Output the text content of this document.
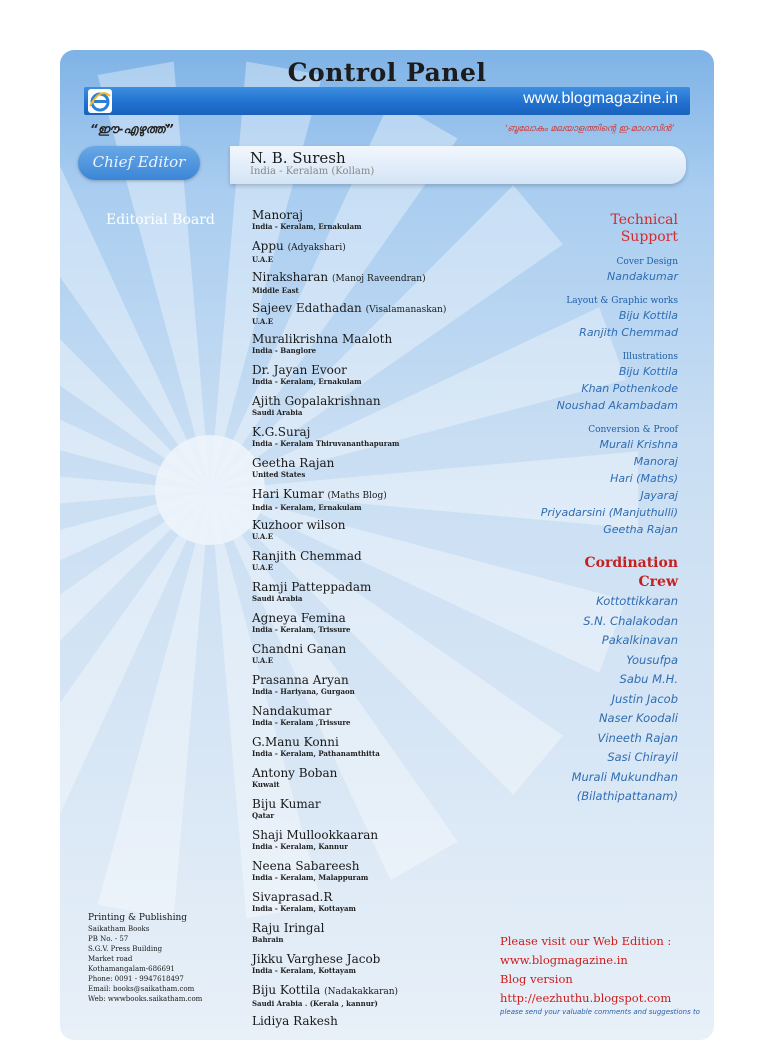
Control Panel
www.blogmagazine.in
“ഈ-എഴുത്ത്”	‘ബൂലോകം മലയാളത്തിന്റെ ഇ-മാഗസിൻ’
Chief Editor	N. B. Suresh
India - Keralam (Kollam)
Editorial Board	Manoraj
India - Keralam, Ernakulam
Appu (Adyakshari)
U.A.E
Niraksharan (Manoj Raveendran)
Middle East
Sajeev Edathadan (Visalamanaskan)
U.A.E
Muralikrishna Maaloth
India - Banglore
Dr. Jayan Evoor
India - Keralam, Ernakulam
Ajith Gopalakrishnan
Saudi Arabia
K.G.Suraj
India - Keralam Thiruvananthapuram
Geetha Rajan
United States
Hari Kumar (Maths Blog)
India - Keralam, Ernakulam
Kuzhoor wilson
U.A.E
Ranjith Chemmad
U.A.E
Ramji Patteppadam
Saudi Arabia
Agneya Femina
India - Keralam, Trissure
Chandni Ganan
U.A.E
Prasanna Aryan
India - Hariyana, Gurgaon
Nandakumar
India - Keralam ,Trissure
G.Manu Konni
India - Keralam, Pathanamthitta
Antony Boban
Kuwait
Biju Kumar
Qatar
Shaji Mullookkaaran
India - Keralam, Kannur
Neena Sabareesh
India - Keralam, Malappuram
Sivaprasad.R
India - Keralam, Kottayam
Raju Iringal
Bahrain
Jikku Varghese Jacob
India - Keralam, Kottayam
Biju Kottila (Nadakakkaran)
Saudi Arabia . (Kerala , kannur)
Lidiya Rakesh
Technical
Support
Cover Design
Nandakumar
Layout & Graphic works
Biju Kottila
Ranjith Chemmad
Illustrations
Biju Kottila
Khan Pothenkode
Noushad Akambadam
Conversion & Proof
Murali Krishna
Manoraj
Hari (Maths)
Jayaraj
Priyadarsini (Manjuthulli)
Geetha Rajan
Cordination
Crew
Kottottikkaran
S.N. Chalakodan
Pakalkinavan
Yousufpa
Sabu M.H.
Justin Jacob
Naser Koodali
Vineeth Rajan
Sasi Chirayil
Murali Mukundhan
(Bilathipattanam)
Printing & Publishing
Saikatham Books
PB No. - 57
S.G.V. Press Building
Market road
Kothamangalam-686691
Phone: 0091 - 9947618497
Email: books@saikatham.com
Web: wwwbooks.saikatham.com
Please visit our Web Edition :
www.blogmagazine.in
Blog version
http://eezhuthu.blogspot.com
please send your valuable comments and suggestions to
